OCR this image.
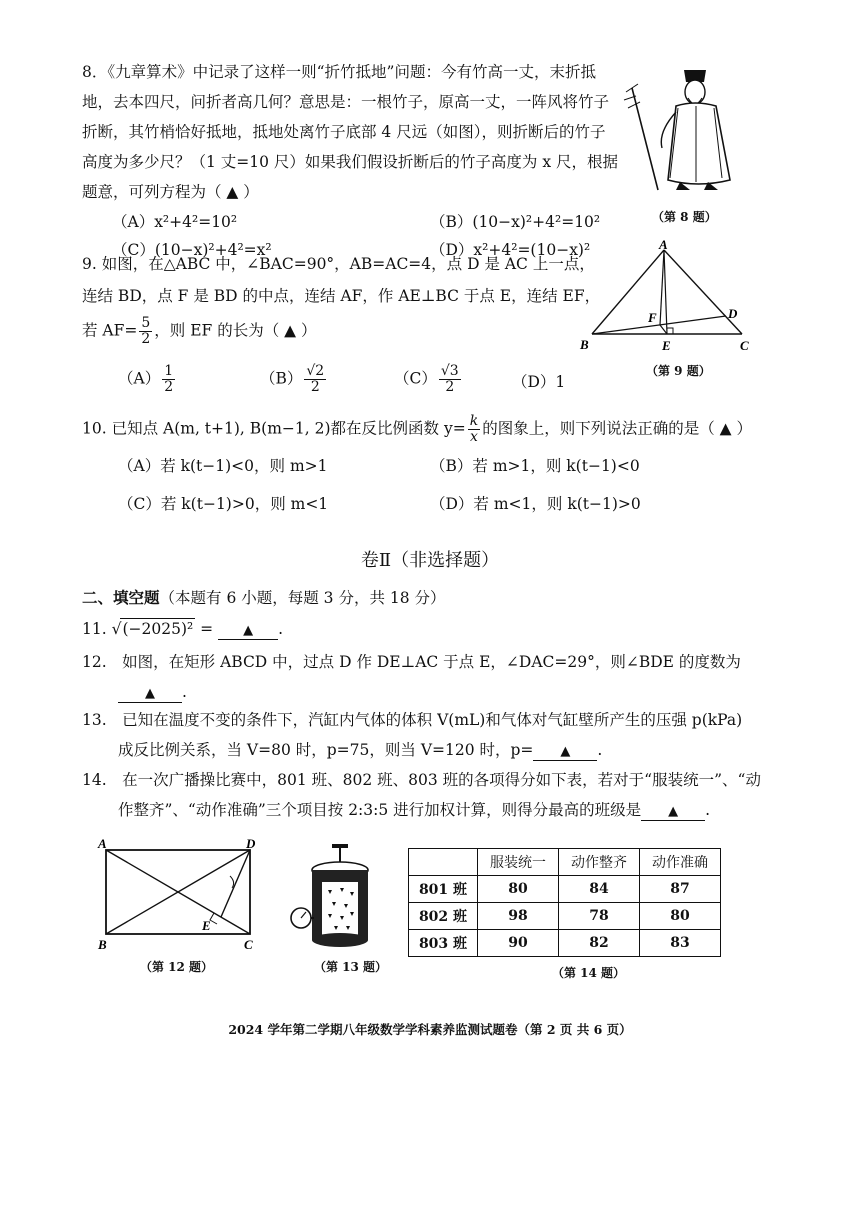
8．《九章算术》中记录了这样一则“折竹抵地”问题：今有竹高一丈，末折抵
地，去本四尺，问折者高几何？意思是：一根竹子，原高一丈，一阵风将竹子
折断，其竹梢恰好抵地，抵地处离竹子底部 4 尺远（如图），则折断后的竹子
高度为多少尺？（1 丈=10 尺）如果我们假设折断后的竹子高度为 x 尺，根据
题意，可列方程为（ ▲ ）
（A）x²+4²=10²	（B）(10−x)²+4²=10²
（C）(10−x)²+4²=x²	（D）x²+4²=(10−x)²
（第 8 题）
9. 如图，在△ABC 中，∠BAC=90°，AB=AC=4，点 D 是 AC 上一点，
连结 BD，点 F 是 BD 的中点，连结 AF，作 AE⊥BC 于点 E，连结 EF，
若 $AF= \frac{5}{2}$ ，则 EF 的长为（ ▲ ）
$(A) \frac{1}{2}$	$(B) \frac{√2}{2}$	$(C) \frac{√3}{2}$	（D）1
A
B	C
D
E
F
（第 9 题）
10. 已知点 A(m, t+1), B(m−1, 2)都在反比例函数 $y= \frac{k}{x}$ 的图象上，则下列说法正确的是（ ▲ ）
（A）若 k(t−1)<0，则 m>1	（B）若 m>1，则 k(t−1)<0
（C）若 k(t−1)>0，则 m<1	（D）若 m<1，则 k(t−1)>0
卷Ⅱ（非选择题）
二、填空题（本题有 6 小题，每题 3 分，共 18 分）
11. √(−2025)² = ▲ .
12.　如图，在矩形 ABCD 中，过点 D 作 DE⊥AC 于点 E，∠DAC=29°，则∠BDE 的度数为
▲ .
13.　已知在温度不变的条件下，汽缸内气体的体积 V(mL)和气体对气缸壁所产生的压强 p(kPa)
成反比例关系，当 V=80 时，p=75，则当 V=120 时，p= ▲ .
14.　在一次广播操比赛中，801 班、802 班、803 班的各项得分如下表，若对于“服装统一”、“动
作整齐”、“动作准确”三个项目按 2:3:5 进行加权计算，则得分最高的班级是 ▲ .
A
B	C
D
E
（第 12 题）	（第 13 题）
	服装统一	动作整齐	动作准确
801 班	80	84	87
802 班	98	78	80
803 班	90	82	83
（第 14 题）
2024 学年第二学期八年级数学学科素养监测试题卷（第 2 页 共 6 页）
